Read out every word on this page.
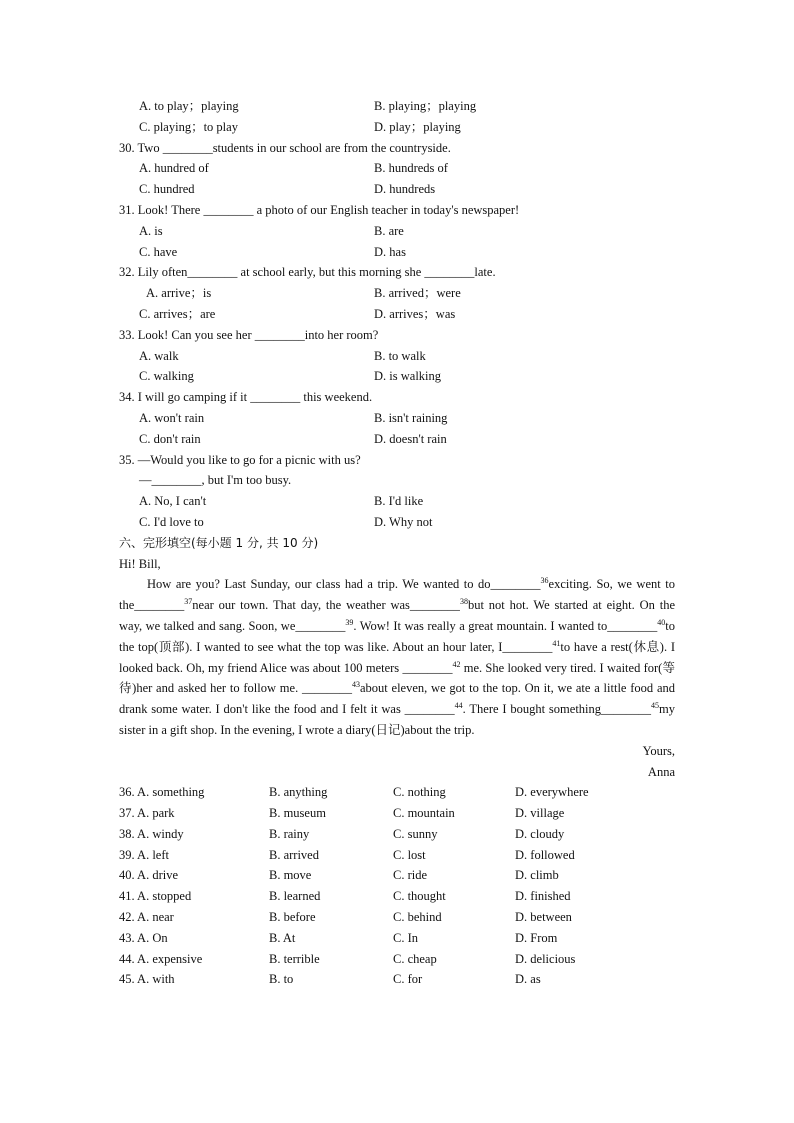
A. to play；playing	B. playing；playing
C. playing；to play	D. play；playing
30. Two ________students in our school are from the countryside.
A. hundred of	B. hundreds of
C. hundred	D. hundreds
31. Look! There ________ a photo of our English teacher in today's newspaper!
A. is	B. are
C. have	D. has
32. Lily often________ at school early, but this morning she ________late.
A. arrive；is	B. arrived；were
C. arrives；are	D. arrives；was
33. Look! Can you see her ________into her room?
A. walk	B. to walk
C. walking	D. is walking
34. I will go camping if it ________ this weekend.
A. won't rain	B. isn't raining
C. don't rain	D. doesn't rain
35. —Would you like to go for a picnic with us?
—________, but I'm too busy.
A. No, I can't	B. I'd like
C. I'd love to	D. Why not
六、完形填空(每小题 1 分, 共 10 分)
Hi! Bill,

How are you? Last Sunday, our class had a trip. We wanted to do________$^{36}$exciting. So, we went to the________$^{37}$near our town. That day, the weather was________$^{38}$but not hot. We started at eight. On the way, we talked and sang. Soon, we________$^{39}$. Wow! It was really a great mountain. I wanted to________$^{40}$to the top(顶部). I wanted to see what the top was like. About an hour later, I________$^{41}$to have a rest(休息). I looked back. Oh, my friend Alice was about 100 meters ________$^{42}$ me. She looked very tired. I waited for(等待)her and asked her to follow me. ________$^{43}$about eleven, we got to the top. On it, we ate a little food and drank some water. I don't like the food and I felt it was ________$^{44}$. There I bought something________$^{45}$my sister in a gift shop. In the evening, I wrote a diary(日记)about the trip.

Yours,
Anna
36. A. something	B. anything	C. nothing	D. everywhere
37. A. park	B. museum	C. mountain	D. village
38. A. windy	B. rainy	C. sunny	D. cloudy
39. A. left	B. arrived	C. lost	D. followed
40. A. drive	B. move	C. ride	D. climb
41. A. stopped	B. learned	C. thought	D. finished
42. A. near	B. before	C. behind	D. between
43. A. On	B. At	C. In	D. From
44. A. expensive	B. terrible	C. cheap	D. delicious
45. A. with	B. to	C. for	D. as
